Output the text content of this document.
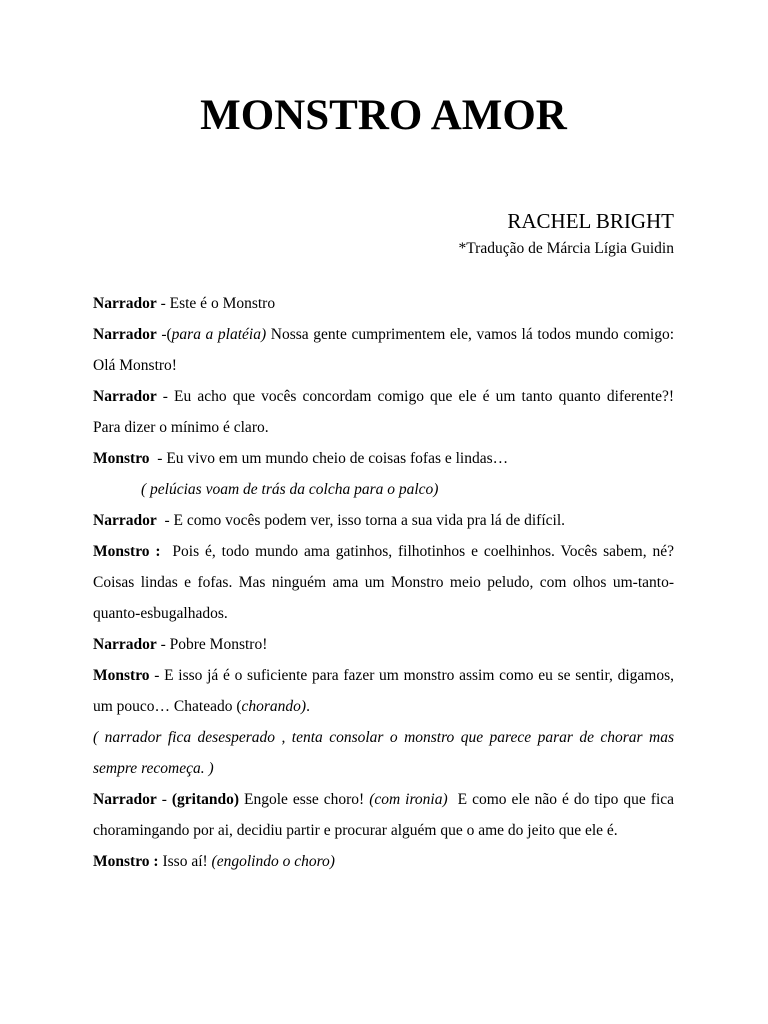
MONSTRO AMOR

RACHEL BRIGHT

*Tradução de Márcia Lígia Guidin

Narrador - Este é o Monstro

Narrador -(para a platéia) Nossa gente cumprimentem ele, vamos lá todos mundo comigo: Olá Monstro!

Narrador - Eu acho que vocês concordam comigo que ele é um tanto quanto diferente?! Para dizer o mínimo é claro.

Monstro  - Eu vivo em um mundo cheio de coisas fofas e lindas…

( pelúcias voam de trás da colcha para o palco)

Narrador  - E como vocês podem ver, isso torna a sua vida pra lá de difícil.

Monstro : Pois é, todo mundo ama gatinhos, filhotinhos e coelhinhos. Vocês sabem, né? Coisas lindas e fofas. Mas ninguém ama um Monstro meio peludo, com olhos um-tanto-quanto-esbugalhados.

Narrador - Pobre Monstro!

Monstro - E isso já é o suficiente para fazer um monstro assim como eu se sentir, digamos, um pouco… Chateado (chorando).

( narrador fica desesperado , tenta consolar o monstro que parece parar de chorar mas sempre recomeça. )

Narrador - (gritando) Engole esse choro! (com ironia)  E como ele não é do tipo que fica choramingando por ai, decidiu partir e procurar alguém que o ame do jeito que ele é.

Monstro : Isso aí! (engolindo o choro)
